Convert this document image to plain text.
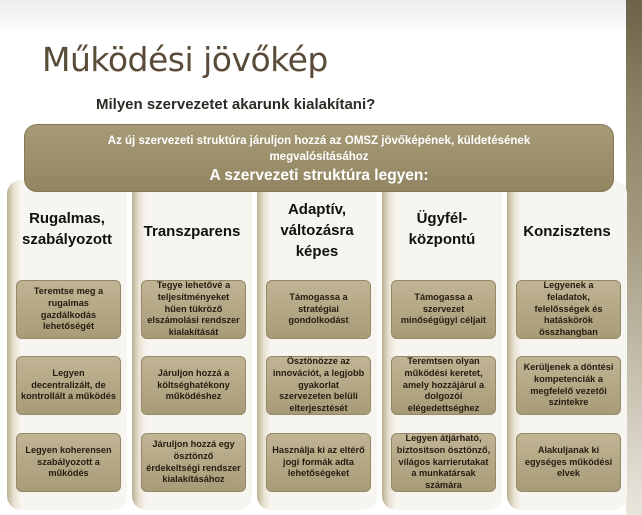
Működési jövőkép
Milyen szervezetet akarunk kialakítani?
Rugalmas, szabályozott
Teremtse meg a rugalmas gazdálkodás lehetőségét
Legyen decentralizált, de kontrollált a működés
Legyen koherensen szabályozott a működés
Transzparens
Tegye lehetővé a teljesítményeket hűen tükröző elszámolási rendszer kialakítását
Járuljon hozzá a költséghatékony működéshez
Járuljon hozzá egy ösztönző érdekeltségi rendszer kialakításához
Adaptív, változásra képes
Támogassa a stratégiai gondolkodást
Ösztönözze az innovációt, a legjobb gyakorlat szervezeten belüli elterjesztését
Használja ki az eltérő jogi formák adta lehetőségeket
Ügyfél-központú
Támogassa a szervezet minőségügyi céljait
Teremtsen olyan működési keretet, amely hozzájárul a dolgozói elégedettséghez
Legyen átjárható, biztosítson ösztönző, világos karrierutakat a munkatársak számára
Konzisztens
Legyenek a feladatok, felelősségek és hatáskörök összhangban
Kerüljenek a döntési kompetenciák a megfelelő vezetői szintekre
Alakuljanak ki egységes működési elvek
Az új szervezeti struktúra járuljon hozzá az OMSZ jövőképének, küldetésének megvalósításához
A szervezeti struktúra legyen:
